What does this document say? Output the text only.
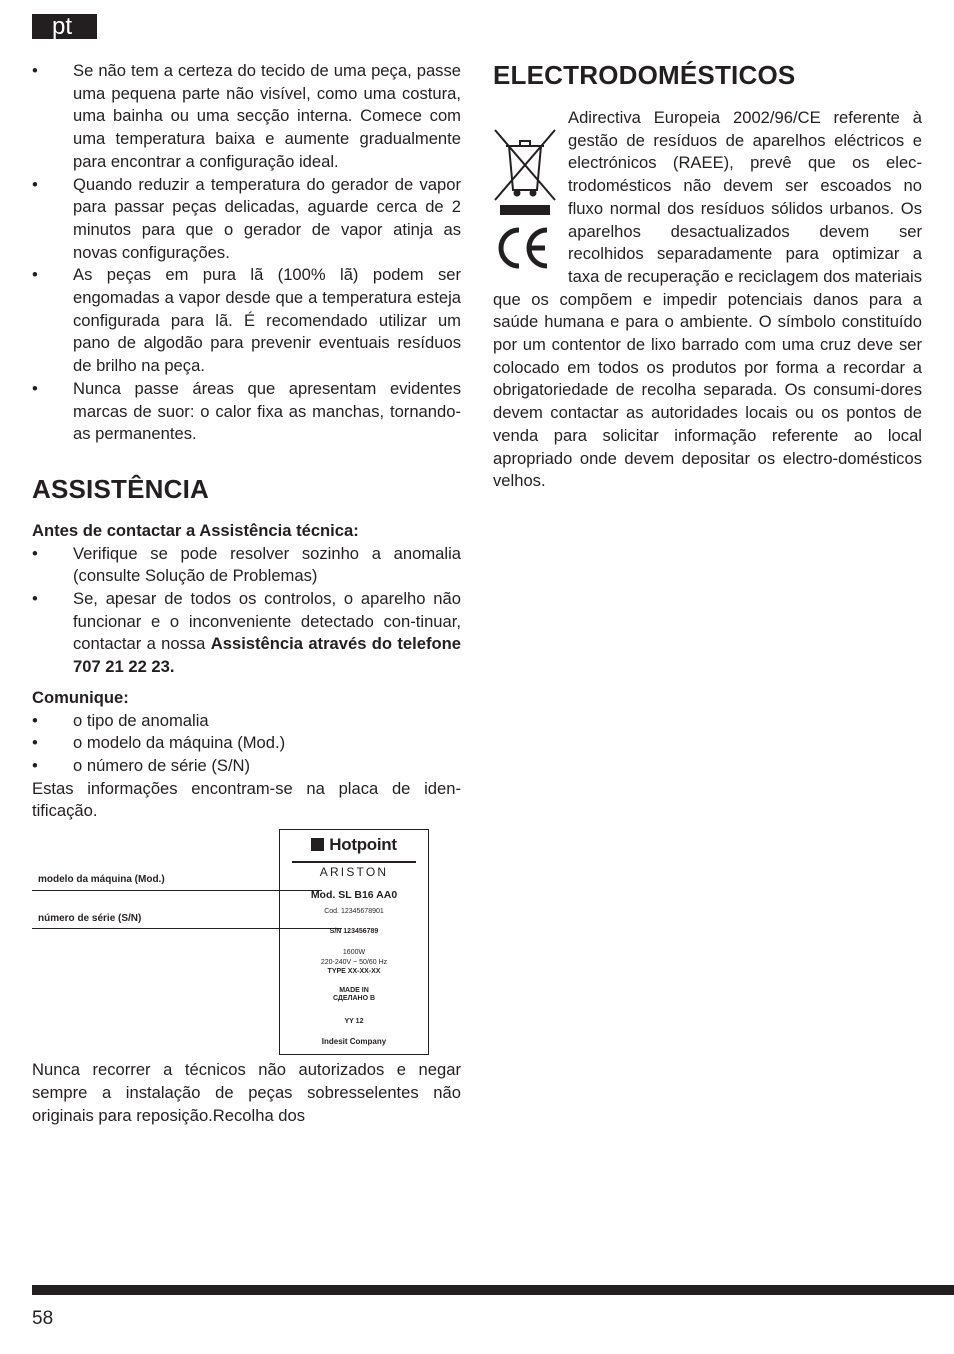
pt
• Se não tem a certeza do tecido de uma peça, passe uma pequena parte não visível, como uma costura, uma bainha ou uma secção interna. Comece com uma temperatura baixa e aumente gradualmente para encontrar a configuração ideal.
• Quando reduzir a temperatura do gerador de vapor para passar peças delicadas, aguarde cerca de 2 minutos para que o gerador de vapor atinja as novas configurações.
• As peças em pura lã (100% lã) podem ser engomadas a vapor desde que a temperatura esteja configurada para lã. É recomendado utilizar um pano de algodão para prevenir eventuais resíduos de brilho na peça.
• Nunca passe áreas que apresentam evidentes marcas de suor: o calor fixa as manchas, tornando-as permanentes.
ASSISTÊNCIA
Antes de contactar a Assistência técnica:
• Verifique se pode resolver sozinho a anomalia (consulte Solução de Problemas)
• Se, apesar de todos os controlos, o aparelho não funcionar e o inconveniente detectado con-tinuar, contactar a nossa Assistência através do telefone 707 21 22 23.
Comunique:
• o tipo de anomalia
• o modelo da máquina (Mod.)
• o número de série (S/N)
Estas informações encontram-se na placa de iden-tificação.
modelo da máquina (Mod.)
número de série (S/N)
Hotpoint
ARISTON
Mod. SL B16 AA0
Cod. 12345678901
S/N 123456789
1600W
220-240V ~ 50/60 Hz
TYPE XX-XX-XX
MADE IN
СДЕЛАНО В
YY 12
Indesit Company
Nunca recorrer a técnicos não autorizados e negar sempre a instalação de peças sobresselentes não originais para reposição.Recolha dos
ELECTRODOMÉSTICOS
Adirectiva Europeia 2002/96/CE referente à gestão de resíduos de aparelhos eléctricos e electrónicos (RAEE), prevê que os elec-trodomésticos não devem ser escoados no fluxo normal dos resíduos sólidos urbanos. Os aparelhos desactualizados devem ser recolhidos separadamente para optimizar a taxa de recuperação e reciclagem dos materiais que os compõem e impedir potenciais danos para a saúde humana e para o ambiente. O símbolo constituído por um contentor de lixo barrado com uma cruz deve ser colocado em todos os produtos por forma a recordar a obrigatoriedade de recolha separada. Os consumi-dores devem contactar as autoridades locais ou os pontos de venda para solicitar informação referente ao local apropriado onde devem depositar os electro-domésticos velhos.
58
